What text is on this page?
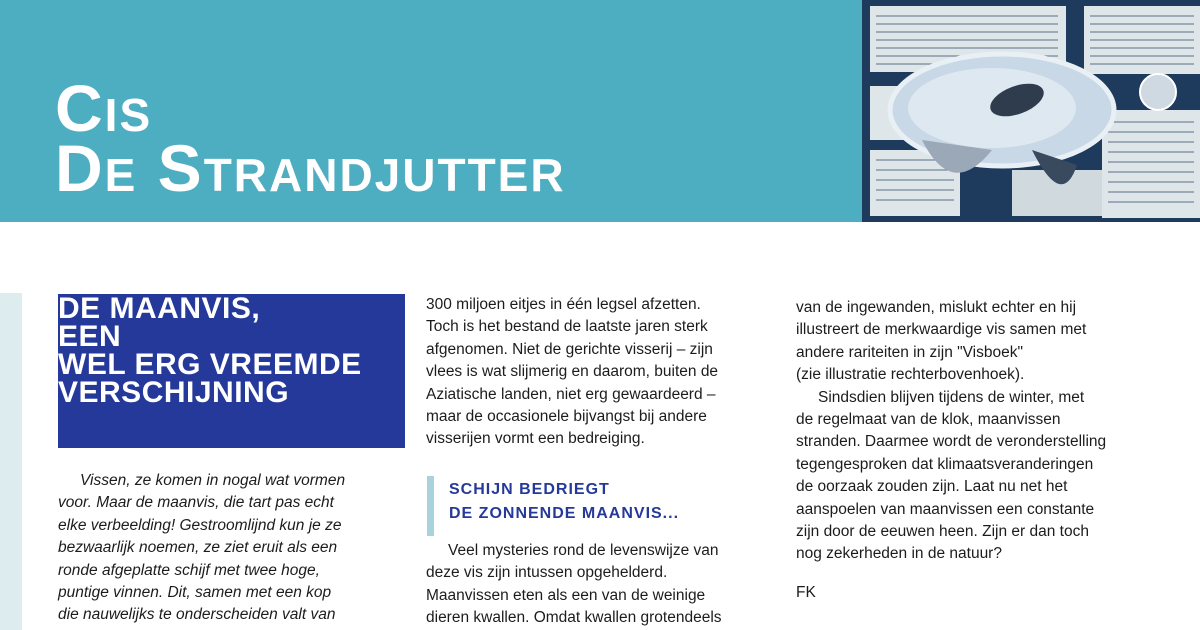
Cis
De Strandjutter
DE MAANVIS,
EEN
WEL ERG VREEMDE
VERSCHIJNING
Vissen, ze komen in nogal wat vormen
voor. Maar de maanvis, die tart pas echt
elke verbeelding! Gestroomlijnd kun je ze
bezwaarlijk noemen, ze ziet eruit als een
ronde afgeplatte schijf met twee hoge,
puntige vinnen. Dit, samen met een kop
die nauwelijks te onderscheiden valt van
300 miljoen eitjes in één legsel afzetten.
Toch is het bestand de laatste jaren sterk
afgenomen. Niet de gerichte visserij – zijn
vlees is wat slijmerig en daarom, buiten de
Aziatische landen, niet erg gewaardeerd –
maar de occasionele bijvangst bij andere
visserijen vormt een bedreiging.
SCHIJN BEDRIEGT
DE ZONNENDE MAANVIS...
Veel mysteries rond de levenswijze van
deze vis zijn intussen opgehelderd.
Maanvissen eten als een van de weinige
dieren kwallen. Omdat kwallen grotendeels
van de ingewanden, mislukt echter en hij
illustreert de merkwaardige vis samen met
andere rariteiten in zijn "Visboek"
(zie illustratie rechterbovenhoek).
Sindsdien blijven tijdens de winter, met
de regelmaat van de klok, maanvissen
stranden. Daarmee wordt de veronderstelling
tegengesproken dat klimaatsveranderingen
de oorzaak zouden zijn. Laat nu net het
aanspoelen van maanvissen een constante
zijn door de eeuwen heen. Zijn er dan toch
nog zekerheden in de natuur?
FK
